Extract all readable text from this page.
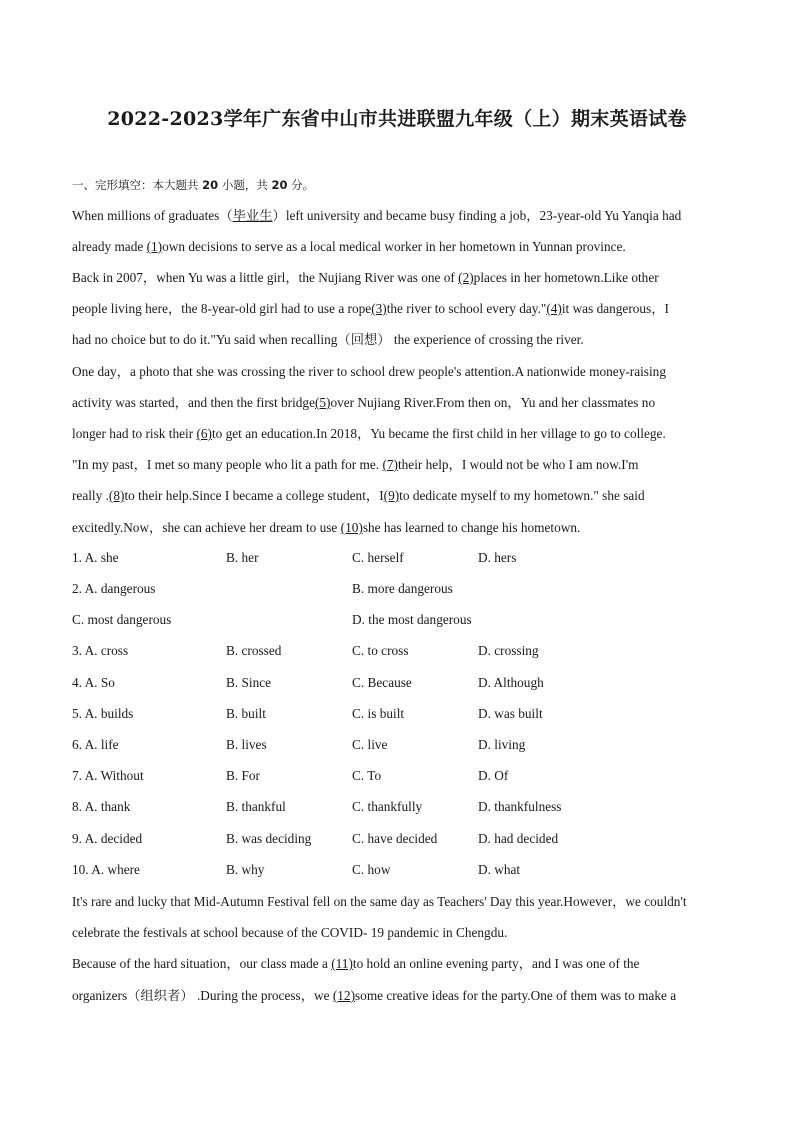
2022-2023学年广东省中山市共进联盟九年级（上）期末英语试卷
一、完形填空：本大题共 20 小题，共 20 分。
When millions of graduates（毕业生）left university and became busy finding a job，23-year-old Yu Yanqia had
already made (1)own decisions to serve as a local medical worker in her hometown in Yunnan province.
Back in 2007，when Yu was a little girl，the Nujiang River was one of (2)places in her hometown.Like other
people living here，the 8-year-old girl had to use a rope(3)the river to school every day."(4)it was dangerous，I
had no choice but to do it."Yu said when recalling（回想） the experience of crossing the river.
One day，a photo that she was crossing the river to school drew people's attention.A nationwide money-raising
activity was started，and then the first bridge(5)over Nujiang River.From then on，Yu and her classmates no
longer had to risk their (6)to get an education.In 2018，Yu became the first child in her village to go to college.
"In my past，I met so many people who lit a path for me. (7)their help，I would not be who I am now.I'm
really .(8)to their help.Since I became a college student，I(9)to dedicate myself to my hometown." she said
excitedly.Now，she can achieve her dream to use (10)she has learned to change his hometown.
1. A. she	B. her	C. herself	D. hers
2. A. dangerous	B. more dangerous
C. most dangerous	D. the most dangerous
3. A. cross	B. crossed	C. to cross	D. crossing
4. A. So	B. Since	C. Because	D. Although
5. A. builds	B. built	C. is built	D. was built
6. A. life	B. lives	C. live	D. living
7. A. Without	B. For	C. To	D. Of
8. A. thank	B. thankful	C. thankfully	D. thankfulness
9. A. decided	B. was deciding	C. have decided	D. had decided
10. A. where	B. why	C. how	D. what
It's rare and lucky that Mid-Autumn Festival fell on the same day as Teachers' Day this year.However，we couldn't
celebrate the festivals at school because of the COVID- 19 pandemic in Chengdu.
Because of the hard situation，our class made a (11)to hold an online evening party，and I was one of the
organizers（组织者） .During the process，we (12)some creative ideas for the party.One of them was to make a
